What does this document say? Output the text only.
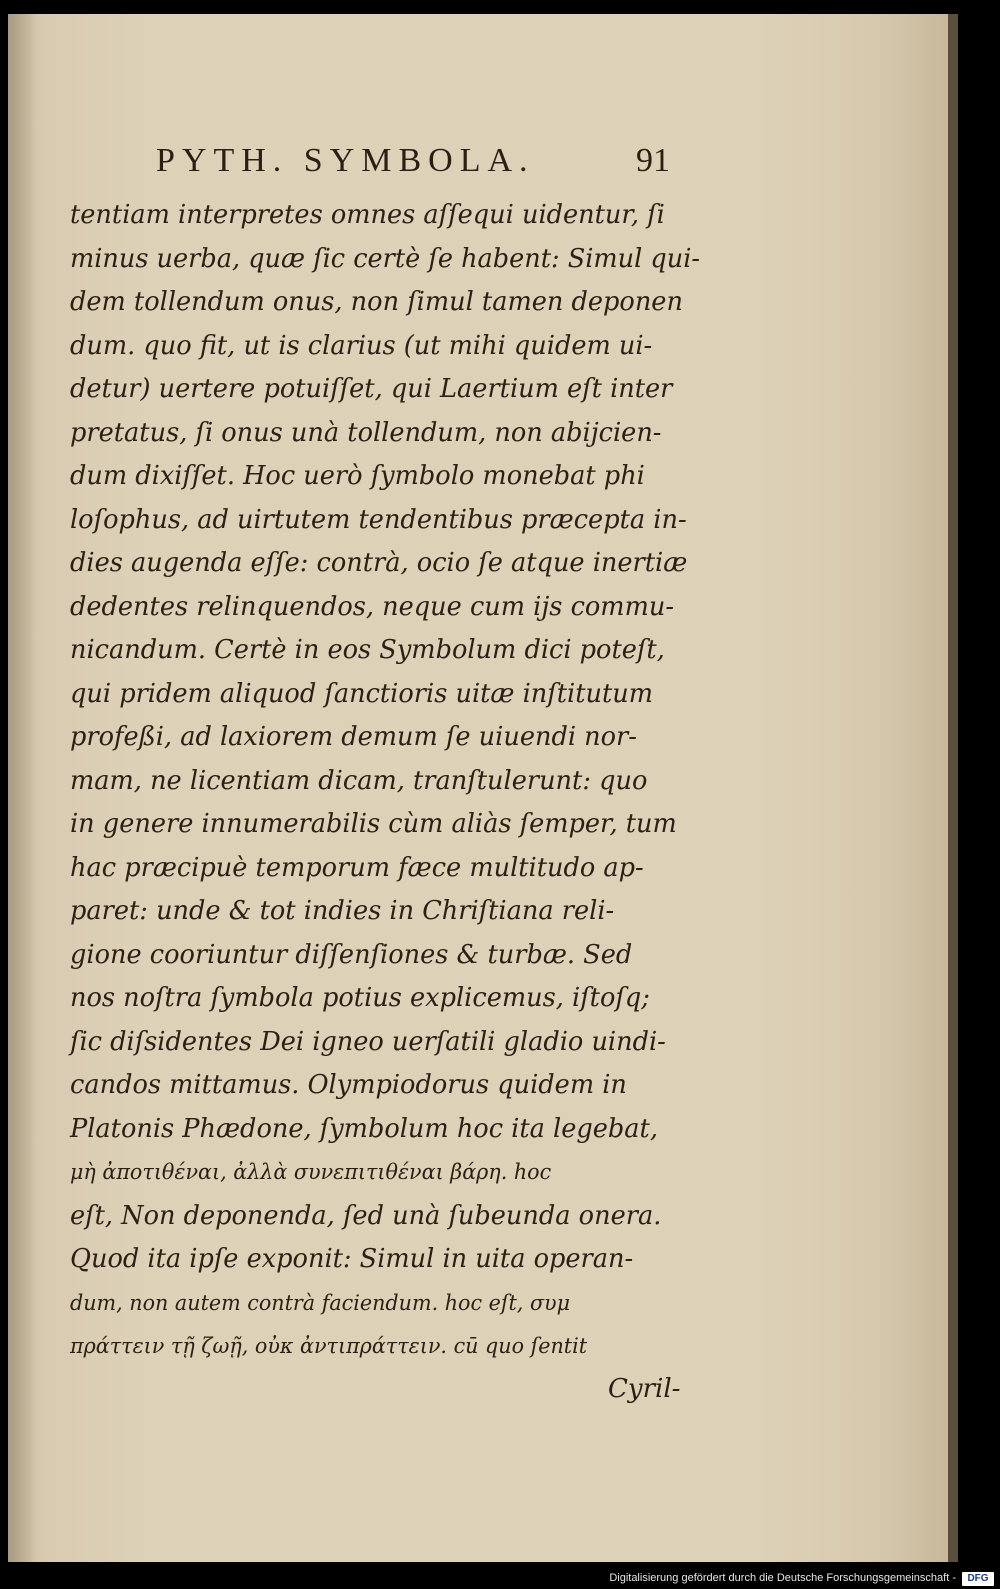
PYTH. SYMBOLA.	91
tentiam interpretes omnes aſſequi uidentur, ſi
minus uerba, quæ ſic certè ſe habent: Simul qui-
dem tollendum onus, non ſimul tamen deponen
dum. quo fit, ut is clarius (ut mihi quidem ui-
detur) uertere potuiſſet, qui Laertium eſt inter
pretatus, ſi onus unà tollendum, non abijcien-
dum dixiſſet. Hoc uerò ſymbolo monebat phi
loſophus, ad uirtutem tendentibus præcepta in-
dies augenda eſſe: contrà, ocio ſe atque inertiæ
dedentes relinquendos, neque cum ijs commu-
nicandum. Certè in eos Symbolum dici poteſt,
qui pridem aliquod ſanctioris uitæ inſtitutum
profeßi, ad laxiorem demum ſe uiuendi nor-
mam, ne licentiam dicam, tranſtulerunt: quo
in genere innumerabilis cùm aliàs ſemper, tum
hac præcipuè temporum fæce multitudo ap-
paret: unde & tot indies in Chriſtiana reli-
gione cooriuntur diſſenſiones & turbæ. Sed
nos noſtra ſymbola potius explicemus, iſtoſq;
ſic diſsidentes Dei igneo uerſatili gladio uindi-
candos mittamus. Olympiodorus quidem in
Platonis Phædone, ſymbolum hoc ita legebat,
μὴ ἀποτιθέναι, ἀλλὰ συνεπιτιθέναι βάρη. hoc
eſt, Non deponenda, ſed unà ſubeunda onera.
Quod ita ipſe exponit: Simul in uita operan-
dum, non autem contrà faciendum. hoc eſt, συμ
πράττειν τῇ ζωῇ, οὐκ ἀντιπράττειν. cū quo ſentit
Cyril-
Digitalisierung gefördert durch die Deutsche Forschungsgemeinschaft -	DFG
